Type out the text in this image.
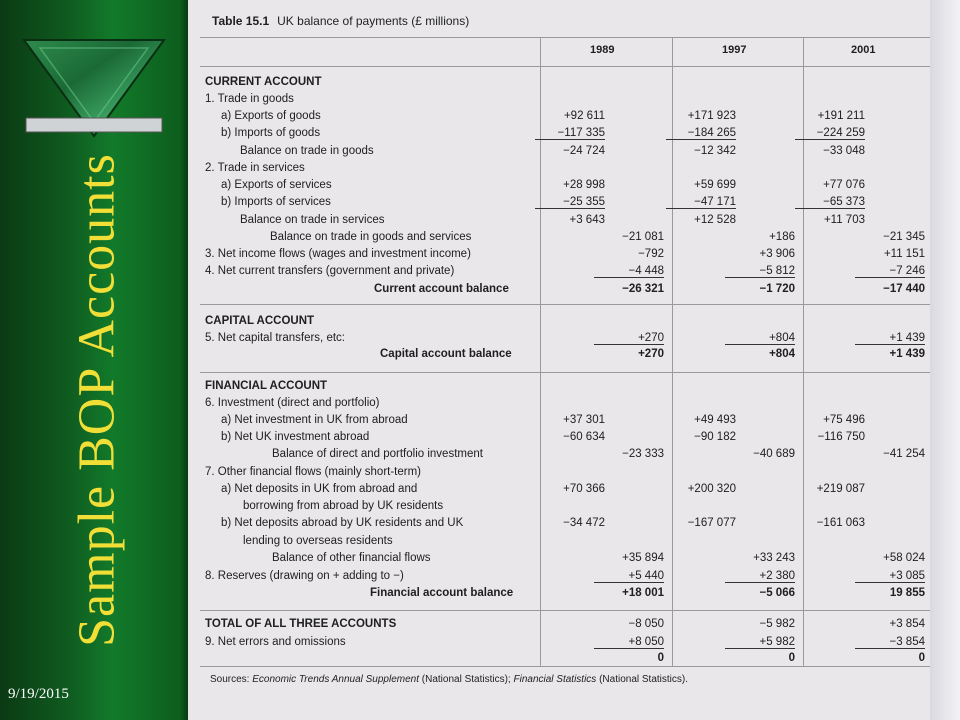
Sample BOP Accounts
9/19/2015
Table 15.1 UK balance of payments (£ millions)
1989	1997	2001
CURRENT ACCOUNT
1. Trade in goods
a) Exports of goods
b) Imports of goods
Balance on trade in goods
2. Trade in services
a) Exports of services
b) Imports of services
Balance on trade in services
Balance on trade in goods and services
3. Net income flows (wages and investment income)
4. Net current transfers (government and private)
Current account balance
CAPITAL ACCOUNT
5. Net capital transfers, etc:
Capital account balance
FINANCIAL ACCOUNT
6. Investment (direct and portfolio)
a) Net investment in UK from abroad
b) Net UK investment abroad
Balance of direct and portfolio investment
7. Other financial flows (mainly short-term)
a) Net deposits in UK from abroad and
borrowing from abroad by UK residents
b) Net deposits abroad by UK residents and UK
lending to overseas residents
Balance of other financial flows
8. Reserves (drawing on + adding to −)
Financial account balance
TOTAL OF ALL THREE ACCOUNTS
9. Net errors and omissions
+92 611
−117 335
−24 724
+28 998
−25 355
+3 643
−21 081
−792
−4 448
−26 321
+270
+270
+37 301
−60 634
−23 333
+70 366
−34 472
+35 894
+5 440
+18 001
−8 050
+8 050
0
+171 923
−184 265
−12 342
+59 699
−47 171
+12 528
+186
+3 906
−5 812
−1 720
+804
+804
+49 493
−90 182
−40 689
+200 320
−167 077
+33 243
+2 380
−5 066
−5 982
+5 982
0
+191 211
−224 259
−33 048
+77 076
−65 373
+11 703
−21 345
+11 151
−7 246
−17 440
+1 439
+1 439
+75 496
−116 750
−41 254
+219 087
−161 063
+58 024
+3 085
19 855
+3 854
−3 854
0
Sources: Economic Trends Annual Supplement (National Statistics); Financial Statistics (National Statistics).
